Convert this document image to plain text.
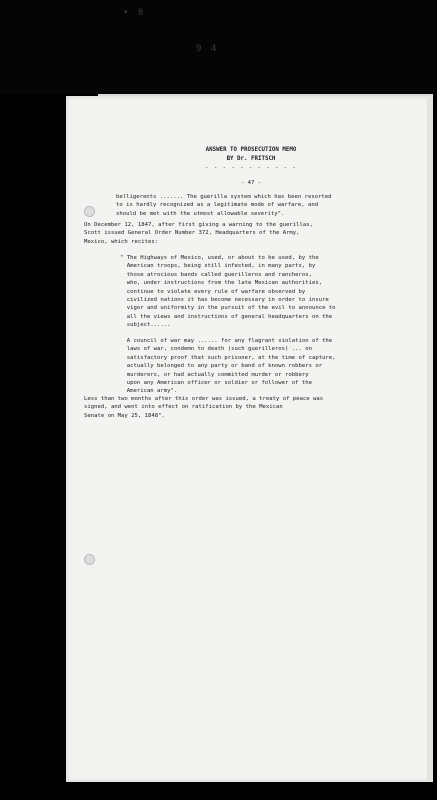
• 8
9 4
ANSWER TO PROSECUTION MEMO
BY Dr. FRITSCH
- - - - - - - - - - -
- 47 -
belligerents ....... The guerilla system which has been resorted
to is hardly recognized as a legitimate mode of warfare, and
should be met with the utmost allowable severity".
On December 12, 1847, after first giving a warning to the guerillas,
Scott issued General Order Number 372, Headquarters of the Army,
Mexico, which recites:
" The Highways of Mexico, used, or about to be used, by the
American troops, being still infested, in many parts, by
those atrocious bands called guerilleros and rancheros,
who, under instructions from the late Mexican authorities,
continue to violate every rule of warfare observed by
civilized nations it has become necessary in order to insure
vigor and uniformity in the pursuit of the evil to announce to
all the views and instructions of general headquarters on the
subject......
A council of war may ...... for any flagrant violation of the
laws of war, condemn to death (such guerilleros) ... on
satisfactory proof that such prisoner, at the time of capture,
actually belonged to any party or band of known robbers or
murderers, or had actually committed murder or robbery
upon any American officer or soldier or follower of the
American army".
Less than two months after this order was issued, a treaty of peace was
signed, and went into effect on ratification by the Mexican
Senate on May 25, 1848".
